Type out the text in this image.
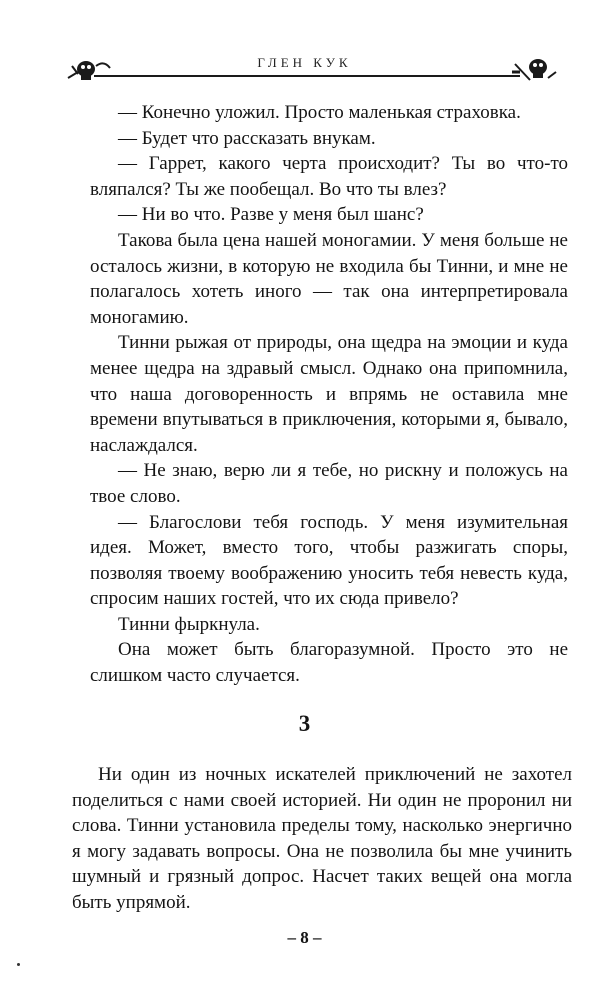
ГЛЕН КУК

— Конечно уложил. Просто маленькая страховка.

— Будет что рассказать внукам.

— Гаррет, какого черта происходит? Ты во что-то вляпался? Ты же пообещал. Во что ты влез?

— Ни во что. Разве у меня был шанс?

Такова была цена нашей моногамии. У меня больше не осталось жизни, в которую не входила бы Тинни, и мне не полагалось хотеть иного — так она интерпретировала моногамию.

Тинни рыжая от природы, она щедра на эмоции и куда менее щедра на здравый смысл. Однако она припомнила, что наша договоренность и впрямь не оставила мне времени впутываться в приключения, которыми я, бывало, наслаждался.

— Не знаю, верю ли я тебе, но рискну и положусь на твое слово.

— Благослови тебя господь. У меня изумительная идея. Может, вместо того, чтобы разжигать споры, позволяя твоему воображению уносить тебя невесть куда, спросим наших гостей, что их сюда привело?

Тинни фыркнула.

Она может быть благоразумной. Просто это не слишком часто случается.

3

Ни один из ночных искателей приключений не захотел поделиться с нами своей историей. Ни один не проронил ни слова. Тинни установила пределы тому, насколько энергично я могу задавать вопросы. Она не позволила бы мне учинить шумный и грязный допрос. Насчет таких вещей она могла быть упрямой.

– 8 –
